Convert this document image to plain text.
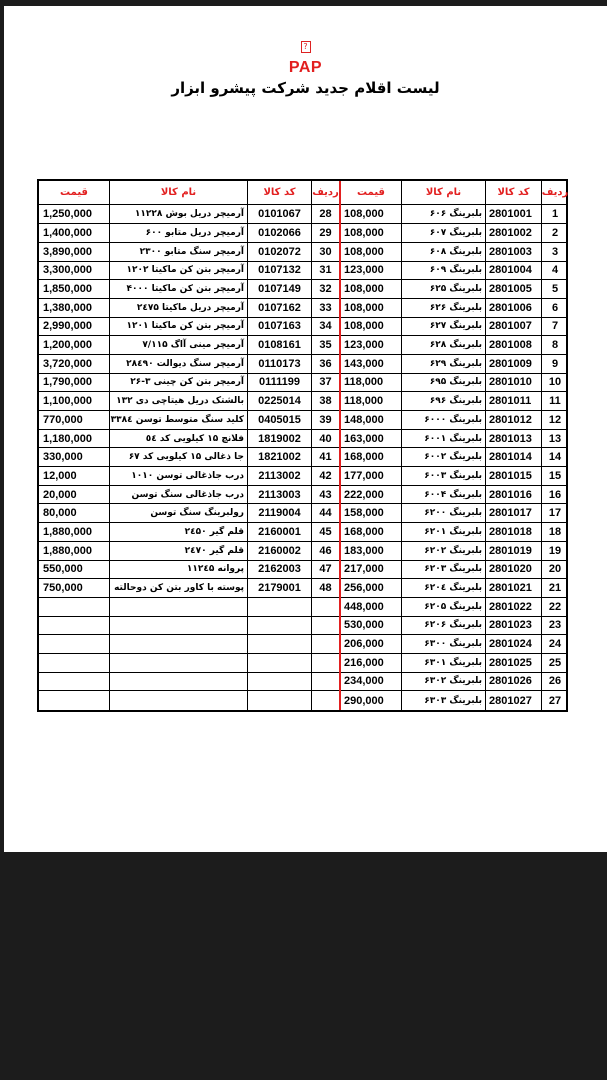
?
PAP
لیست اقلام جدید شرکت پیشرو ابزار
ردیف
کد کالا
نام کالا
قیمت
1
2801001
بلبرینگ ۶۰۶
108,000
2
2801002
بلبرینگ ۶۰۷
108,000
3
2801003
بلبرینگ ۶۰۸
108,000
4
2801004
بلبرینگ ۶۰۹
123,000
5
2801005
بلبرینگ ۶۲۵
108,000
6
2801006
بلبرینگ ۶۲۶
108,000
7
2801007
بلبرینگ ۶۲۷
108,000
8
2801008
بلبرینگ ۶۲۸
123,000
9
2801009
بلبرینگ ۶۲۹
143,000
10
2801010
بلبرینگ ۶۹۵
118,000
11
2801011
بلبرینگ ۶۹۶
118,000
12
2801012
بلبرینگ ۶۰۰۰
148,000
13
2801013
بلبرینگ ۶۰۰۱
163,000
14
2801014
بلبرینگ ۶۰۰۲
168,000
15
2801015
بلبرینگ ۶۰۰۳
177,000
16
2801016
بلبرینگ ۶۰۰۴
222,000
17
2801017
بلبرینگ ۶۲۰۰
158,000
18
2801018
بلبرینگ ۶۲۰۱
168,000
19
2801019
بلبرینگ ۶۲۰۲
183,000
20
2801020
بلبرینگ ۶۲۰۳
217,000
21
2801021
بلبرینگ ۶۲۰٤
256,000
22
2801022
بلبرینگ ۶۲۰۵
448,000
23
2801023
بلبرینگ ۶۲۰۶
530,000
24
2801024
بلبرینگ ۶۳۰۰
206,000
25
2801025
بلبرینگ ۶۳۰۱
216,000
26
2801026
بلبرینگ ۶۳۰۲
234,000
27
2801027
بلبرینگ ۶۳۰۳
290,000
ردیف
کد کالا
نام کالا
قیمت
28
0101067
آرمیچر دریل بوش ۱۱۲۲۸
1,250,000
29
0102066
آرمیچر دریل متابو ۶۰۰
1,400,000
30
0102072
آرمیچر سنگ متابو ۲۳۰۰
3,890,000
31
0107132
آرمیچر بتن کن ماکیتا ۱۲۰۲
3,300,000
32
0107149
آرمیچر بتن کن ماکیتا ۴۰۰۰
1,850,000
33
0107162
آرمیچر دریل ماکیتا ۲٤۷۵
1,380,000
34
0107163
آرمیچر بتن کن ماکیتا ۱۲۰۱
2,990,000
35
0108161
آرمیچر مینی آاگ ۷/۱۱۵
1,200,000
36
0110173
آرمیچر سنگ دیوالت ۲۸٤۹۰
3,720,000
37
0111199
آرمیچر بتن کن چینی ۳-۲۶
1,790,000
38
0225014
بالشتک دریل هیتاچی دی ۱۳۲
1,100,000
39
0405015
کلید سنگ متوسط توسن ۳۳۸٤
770,000
40
1819002
فلانچ ۱۵ کیلویی کد ٥٤
1,180,000
41
1821002
جا ذغالی ۱۵ کیلویی کد ۶۷
330,000
42
2113002
درب جاذغالی توسن ۱۰۱۰
12,000
43
2113003
درب جاذغالی سنگ توسن
20,000
44
2119004
رولبرینگ سنگ توسن
80,000
45
2160001
قلم گیر ۲٤۵۰
1,880,000
46
2160002
قلم گیر ۲٤۷۰
1,880,000
47
2162003
پروانه ۱۱۲٤۵
550,000
48
2179001
پوسته با کاور بتن کن دوحالته
750,000
